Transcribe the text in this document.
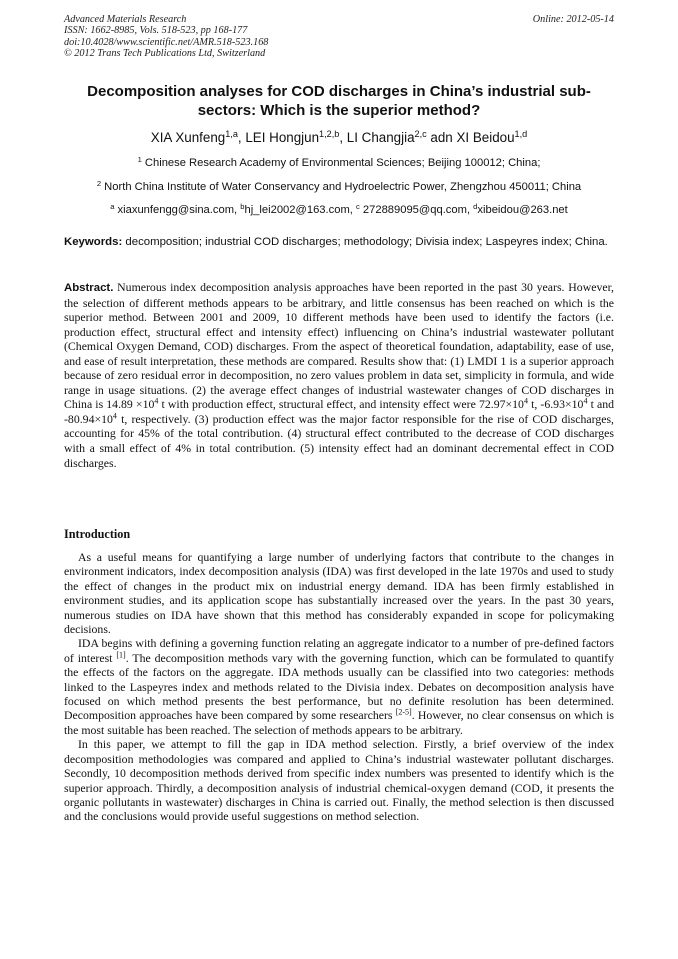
Advanced Materials Research
ISSN: 1662-8985, Vols. 518-523, pp 168-177
doi:10.4028/www.scientific.net/AMR.518-523.168
© 2012 Trans Tech Publications Ltd, Switzerland
Online: 2012-05-14
Decomposition analyses for COD discharges in China’s industrial sub-sectors: Which is the superior method?
XIA Xunfeng$^{1,a}$, LEI Hongjun$^{1,2,b}$, LI Changjia$^{2,c}$ adn XI Beidou$^{1,d}$
$^1$ Chinese Research Academy of Environmental Sciences; Beijing 100012; China;
$^2$ North China Institute of Water Conservancy and Hydroelectric Power, Zhengzhou 450011; China
$^a$ xiaxunfengg@sina.com, $^b$hj_lei2002@163.com, $^c$ 272889095@qq.com, $^d$xibeidou@263.net
Keywords: decomposition; industrial COD discharges; methodology; Divisia index; Laspeyres index; China.

Abstract. Numerous index decomposition analysis approaches have been reported in the past 30 years. However, the selection of different methods appears to be arbitrary, and little consensus has been reached on which is the superior method. Between 2001 and 2009, 10 different methods have been used to identify the factors (i.e. production effect, structural effect and intensity effect) influencing on China’s industrial wastewater pollutant (Chemical Oxygen Demand, COD) discharges. From the aspect of theoretical foundation, adaptability, ease of use, and ease of result interpretation, these methods are compared. Results show that: (1) LMDI 1 is a superior approach because of zero residual error in decomposition, no zero values problem in data set, simplicity in formula, and wide range in usage situations. (2) the average effect changes of industrial wastewater changes of COD discharges in China is $14.89 \times 10^4$ t with production effect, structural effect, and intensity effect were $72.97\times 10^4$ t, $-6.93\times 10^4$ t and $-80.94\times 10^4$ t, respectively. (3) production effect was the major factor responsible for the rise of COD discharges, accounting for 45% of the total contribution. (4) structural effect contributed to the decrease of COD discharges with a small effect of 4% in total contribution. (5) intensity effect had an dominant decremental effect in COD discharges.

Introduction

As a useful means for quantifying a large number of underlying factors that contribute to the changes in environment indicators, index decomposition analysis (IDA) was first developed in the late 1970s and used to study the effect of changes in the product mix on industrial energy demand. IDA has been firmly established in environment studies, and its application scope has substantially increased over the years. In the past 30 years, numerous studies on IDA have shown that this method has considerably expanded in scope for policymaking decisions.

IDA begins with defining a governing function relating an aggregate indicator to a number of pre-defined factors of interest [1]. The decomposition methods vary with the governing function, which can be formulated to quantify the effects of the factors on the aggregate. IDA methods usually can be classified into two categories: methods linked to the Laspeyres index and methods related to the Divisia index. Debates on decomposition analysis have focused on which method presents the best performance, but no definite resolution has been determined. Decomposition approaches have been compared by some researchers [2-5]. However, no clear consensus on which is the most suitable has been reached. The selection of methods appears to be arbitrary.

In this paper, we attempt to fill the gap in IDA method selection. Firstly, a brief overview of the index decomposition methodologies was compared and applied to China’s industrial wastewater pollutant discharges. Secondly, 10 decomposition methods derived from specific index numbers was presented to identify which is the superior approach. Thirdly, a decomposition analysis of industrial chemical-oxygen demand (COD, it presents the organic pollutants in wastewater) discharges in China is carried out. Finally, the method selection is then discussed and the conclusions would provide useful suggestions on method selection.
